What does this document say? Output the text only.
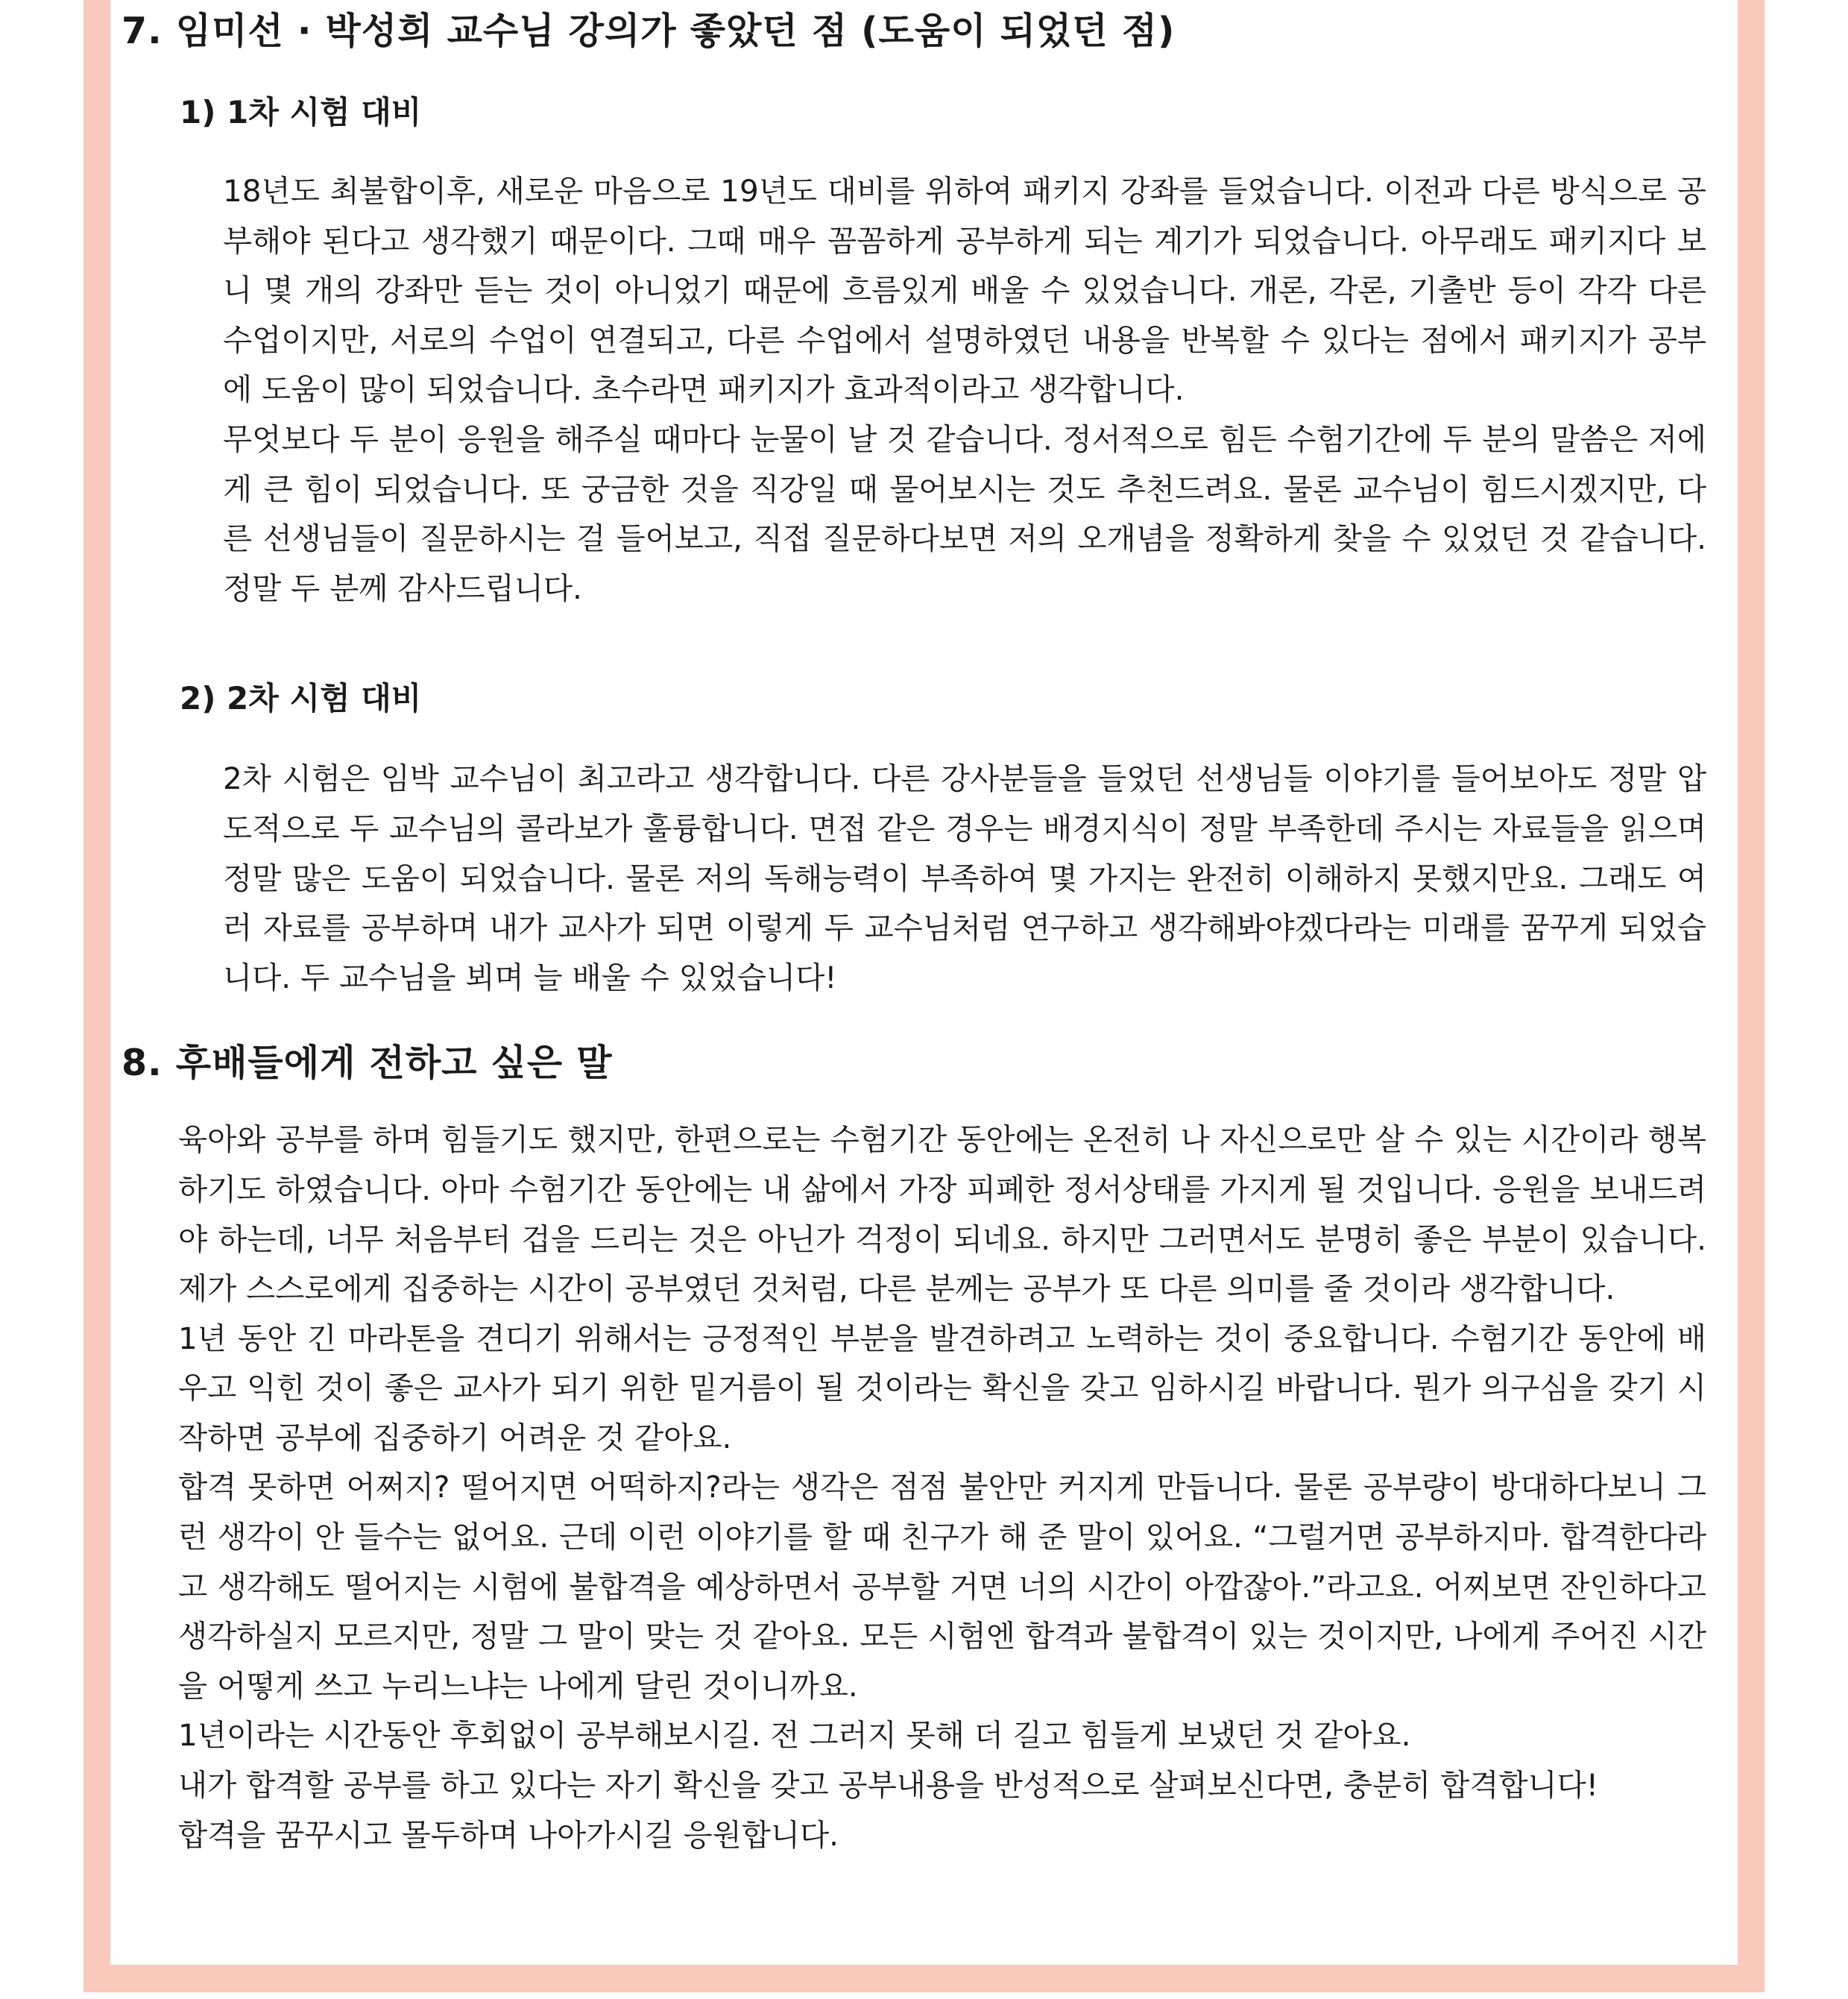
7. 임미선 · 박성희 교수님 강의가 좋았던 점 (도움이 되었던 점)
1) 1차 시험 대비

18년도 최불합이후, 새로운 마음으로 19년도 대비를 위하여 패키지 강좌를 들었습니다. 이전과 다른 방식으로 공부해야 된다고 생각했기 때문이다. 그때 매우 꼼꼼하게 공부하게 되는 계기가 되었습니다. 아무래도 패키지다 보니 몇 개의 강좌만 듣는 것이 아니었기 때문에 흐름있게 배울 수 있었습니다. 개론, 각론, 기출반 등이 각각 다른 수업이지만, 서로의 수업이 연결되고, 다른 수업에서 설명하였던 내용을 반복할 수 있다는 점에서 패키지가 공부에 도움이 많이 되었습니다. 초수라면 패키지가 효과적이라고 생각합니다.

무엇보다 두 분이 응원을 해주실 때마다 눈물이 날 것 같습니다. 정서적으로 힘든 수험기간에 두 분의 말씀은 저에게 큰 힘이 되었습니다. 또 궁금한 것을 직강일 때 물어보시는 것도 추천드려요. 물론 교수님이 힘드시겠지만, 다른 선생님들이 질문하시는 걸 들어보고, 직접 질문하다보면 저의 오개념을 정확하게 찾을 수 있었던 것 같습니다. 정말 두 분께 감사드립니다.

2) 2차 시험 대비

2차 시험은 임박 교수님이 최고라고 생각합니다. 다른 강사분들을 들었던 선생님들 이야기를 들어보아도 정말 압도적으로 두 교수님의 콜라보가 훌륭합니다. 면접 같은 경우는 배경지식이 정말 부족한데 주시는 자료들을 읽으며 정말 많은 도움이 되었습니다. 물론 저의 독해능력이 부족하여 몇 가지는 완전히 이해하지 못했지만요. 그래도 여러 자료를 공부하며 내가 교사가 되면 이렇게 두 교수님처럼 연구하고 생각해봐야겠다라는 미래를 꿈꾸게 되었습니다. 두 교수님을 뵈며 늘 배울 수 있었습니다!

8. 후배들에게 전하고 싶은 말

육아와 공부를 하며 힘들기도 했지만, 한편으로는 수험기간 동안에는 온전히 나 자신으로만 살 수 있는 시간이라 행복하기도 하였습니다. 아마 수험기간 동안에는 내 삶에서 가장 피폐한 정서상태를 가지게 될 것입니다. 응원을 보내드려야 하는데, 너무 처음부터 겁을 드리는 것은 아닌가 걱정이 되네요. 하지만 그러면서도 분명히 좋은 부분이 있습니다. 제가 스스로에게 집중하는 시간이 공부였던 것처럼, 다른 분께는 공부가 또 다른 의미를 줄 것이라 생각합니다.

1년 동안 긴 마라톤을 견디기 위해서는 긍정적인 부분을 발견하려고 노력하는 것이 중요합니다. 수험기간 동안에 배우고 익힌 것이 좋은 교사가 되기 위한 밑거름이 될 것이라는 확신을 갖고 임하시길 바랍니다. 뭔가 의구심을 갖기 시작하면 공부에 집중하기 어려운 것 같아요.

합격 못하면 어쩌지? 떨어지면 어떡하지?라는 생각은 점점 불안만 커지게 만듭니다. 물론 공부량이 방대하다보니 그런 생각이 안 들수는 없어요. 근데 이런 이야기를 할 때 친구가 해 준 말이 있어요. “그럴거면 공부하지마. 합격한다라고 생각해도 떨어지는 시험에 불합격을 예상하면서 공부할 거면 너의 시간이 아깝잖아.”라고요. 어찌보면 잔인하다고 생각하실지 모르지만, 정말 그 말이 맞는 것 같아요. 모든 시험엔 합격과 불합격이 있는 것이지만, 나에게 주어진 시간을 어떻게 쓰고 누리느냐는 나에게 달린 것이니까요.

1년이라는 시간동안 후회없이 공부해보시길. 전 그러지 못해 더 길고 힘들게 보냈던 것 같아요.

내가 합격할 공부를 하고 있다는 자기 확신을 갖고 공부내용을 반성적으로 살펴보신다면, 충분히 합격합니다!

합격을 꿈꾸시고 몰두하며 나아가시길 응원합니다.
